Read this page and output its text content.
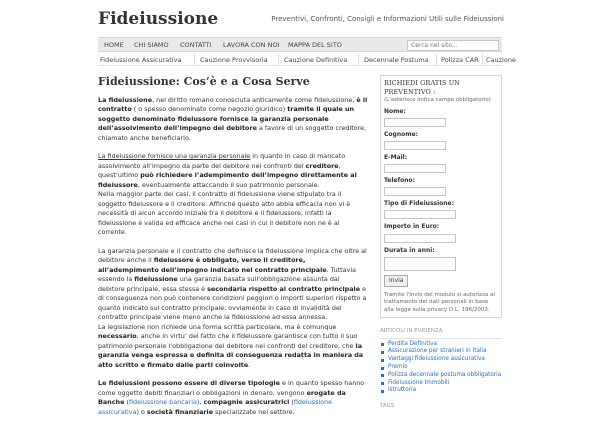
Fideiussione	Preventivi, Confronti, Consigli e Informazioni Utili sulle Fideiussioni
HOME CHI SIAMO CONTATTI LAVORA CON NOI MAPPA DEL SITO
Cerca nel sito...
Fideiussione Assicurativa	Cauzione Provvisoria	Cauzione Definitiva	Decennale Postuma Polizza CAR Cauzione
Fideiussione: Cos’è e a Cosa Serve

La fideiussione, nel diritto romano conosciuta anticamente come fideiussione, è il contratto ( o spesso denominato come negozio giuridico) tramite il quale un soggetto denominato fideiussore fornisce la garanzia personale dell’assolvimento dell’impegno del debitore a favore di un soggetto creditore, chiamato anche beneficiario.

La fideiussione fornisce una garanzia personale in quanto in caso di mancato assolvimento all’impegno da parte del debitore nei confronti del creditore, quest’ultimo può richiedere l’adempimento dell’impegno direttamente al fideiussore, eventualmente attaccando il suo patrimonio personale.
Nella maggior parte dei casi, il contratto di fideiussione viene stipulato tra il soggetto fideiussore e il creditore. Affinché questo atto abbia efficacia non vi è necessità di alcun accordo iniziale tra il debitore e il fideiussore, infatti la fideiussione è valida ed efficace anche nei casi in cui il debitore non ne è al corrente.

La garanzia personale e il contratto che definisce la fideiussione implica che oltre al debitore anche il fideiussore è obbligato, verso il creditore, all’adempimento dell’impegno indicato nel contratto principale. Tuttavia essendo la fideiussione una garanzia basata sull’obbligazione assunta dal debitore principale, essa stessa è secondaria rispetto al contratto principale e di conseguenza non può contenere condizioni peggiori o importi superiori rispetto a quanto indicato sul contratto principale, ovviamente in caso di invalidità del contratto principale viene meno anche la fideiussione ad essa annessa.
La legislazione non richiede una forma scritta particolare, ma è comunque necessario, anche in virtu’ del fatto che il fideiussore garantisce con tutto il suo patrimonio personale l’obbligazione del debitore nei confronti del creditore, che la garanzia venga espressa e definita di conseguenza redatta in maniera da atto scritto e firmato dalle parti coinvolte.

Le fideiussioni possono essere di diverse tipologie e in quanto spesso hanno come oggetto debiti finanziari o obbligazioni in denaro, vengono erogate da Banche (fideiussione bancaria), compagnie assicuratrici (fideiussione assicurativa) o società finanziarie specializzate nel settore.

RICHIEDI GRATIS UN PREVENTIVO :
(L'asterisco indica campo obbligatorio)
Nome:
Cognome:
E-Mail:
Telefono:
Tipo di Fideiussione:
Importo in Euro:
Durata in anni:
Invia
Tramite l'invio del modulo si autorizza al trattamento dei dati personali in base alla legge sulla privacy D.L. 196/2003.
ARTICOLI IN EVIDENZA
Perdita Definitiva
Assicurazione per stranieri in Italia
Vantaggi fideiussione assicurativa
Premio
Polizza decennale postuma obbligatoria
Fideiussione Immobili
Istruttoria
TAGS
